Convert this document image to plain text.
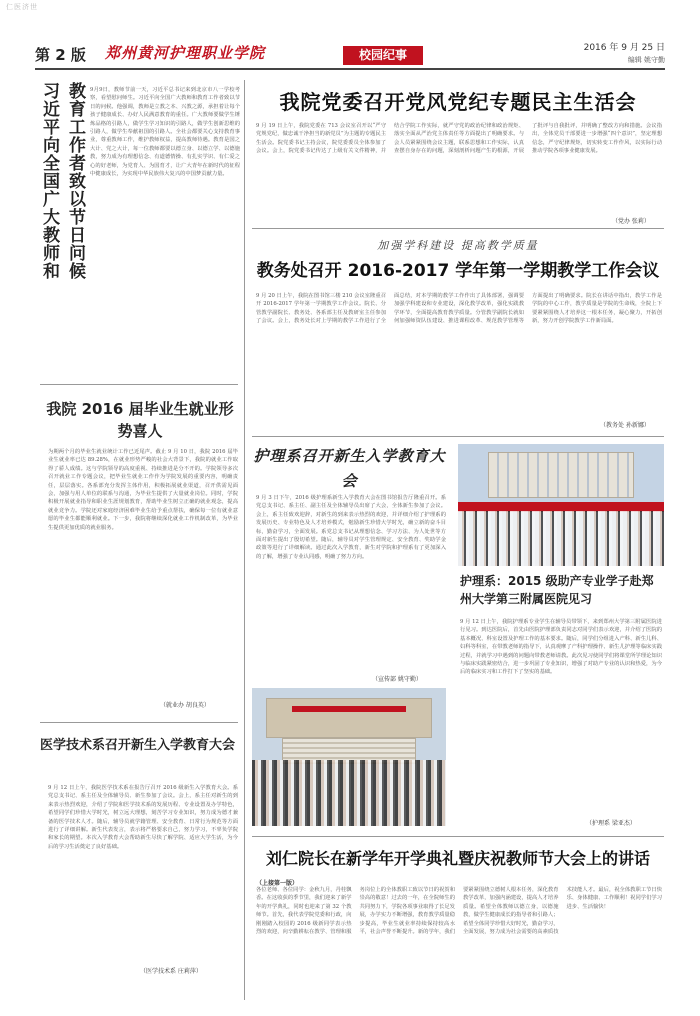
仁医济世
第 2 版 郑州黄河护理职业学院	校园纪事	2016 年 9 月 25 日
编辑 姚守勤
教育工作者致以节日问候
习近平向全国广大教师和	9月9日，教师节前一天，习近平总书记来到北京市八一学校考察，看望慰问师生。习近平向全国广大教师和教育工作者致以节日的问候。他强调，教师是立教之本、兴教之源，承担着让每个孩子健康成长、办好人民满意教育的重任。广大教师要做学生锤炼品格的引路人，做学生学习知识的引路人，做学生创新思维的引路人，做学生奉献祖国的引路人。全社会都要关心支持教育事业，尊重教师工作，维护教师权益，提高教师待遇。教育是国之大计、党之大计，每一位教师都要以德立身、以德立学、以德施教，努力成为有理想信念、有道德情操、有扎实学识、有仁爱之心的好老师，为党育人、为国育才，让广大青年在新时代的征程中健康成长，为实现中华民族伟大复兴的中国梦贡献力量。
我院 2016 届毕业生就业形势喜人
为期两个月的毕业生就业统计工作已近尾声。截止 9 月 10 日，我院 2016 届毕业生就业率已达 89.28%，在就业形势严峻的社会大背景下，我院的就业工作取得了骄人成绩。这与学院领导的高度重视、持续推进是分不开的。学院领导多次召开就业工作专题会议，把毕业生就业工作作为学院发展的重要内容，明确责任，层层落实。各系部充分发挥主体作用，积极拓展就业渠道，召开供需见面会，加强与用人单位的联系与沟通，为毕业生提供了大量就业岗位。同时，学院积极开展就业指导和职业生涯规划教育，帮助毕业生树立正确的就业观念，提高就业竞争力。学院还对家庭经济困难毕业生给予重点帮扶，确保每一位有就业意愿的毕业生都能顺利就业。下一步，我院将继续深化就业工作机制改革，为毕业生提供更加优质的就业服务。
（就业办 胡良英）
医学技术系召开新生入学教育大会
9 月 12 日上午，我院医学技术系在报告厅召开 2016 级新生入学教育大会。系党总支书记、系主任及全体辅导员、新生参加了会议。会上，系主任对新生的到来表示热烈欢迎，介绍了学院和医学技术系的发展历程、专业设置及办学特色，希望同学们珍惜大学时光，树立远大理想，刻苦学习专业知识，努力成为德才兼备的医学技术人才。随后，辅导员就学籍管理、安全教育、日常行为规范等方面进行了详细讲解。新生代表发言，表示将严格要求自己，努力学习，不辜负学院和家长的期望。本次入学教育大会帮助新生尽快了解学院、适应大学生活，为今后的学习生活奠定了良好基础。
（医学技术系 庄莉萍）
我院党委召开党风党纪专题民主生活会
9 月 19 日上午，我院党委在 713 会议室召开以“严守党规党纪，做忠诚干净担当的新党员”为主题的专题民主生活会。院党委书记主持会议，院党委委员全体参加了会议。会上，院党委书记传达了上级有关文件精神，并结合学院工作实际，就严守党的政治纪律和政治规矩、落实全面从严治党主体责任等方面提出了明确要求。与会人员紧紧围绕会议主题，联系思想和工作实际，认真查摆自身存在的问题，深刻剖析问题产生的根源，开展了批评与自我批评，并明确了整改方向和措施。会议指出，全体党员干部要进一步增强“四个意识”，坚定理想信念，严守纪律规矩，切实转变工作作风，以实际行动推动学院各项事业健康发展。
（党办 张莉）
加强学科建设 提高教学质量
教务处召开 2016-2017 学年第一学期教学工作会议
9 月 20 日上午，我院在图书馆三楼 210 会议室隆重召开 2016-2017 学年第一学期教学工作会议。院长、分管教学副院长、教务处、各系部主任及教研室主任参加了会议。会上，教务处长对上学期的教学工作进行了全面总结，对本学期的教学工作作出了具体部署，强调要加强学科建设和专业建设，深化教学改革，强化实践教学环节，全面提高教育教学质量。分管教学副院长就如何加强师资队伍建设、推进课程改革、规范教学管理等方面提出了明确要求。院长在讲话中指出，教学工作是学院的中心工作，教学质量是学院的生命线，全院上下要紧紧围绕人才培养这一根本任务，凝心聚力，开拓创新，努力开创学院教学工作新局面。
（教务处 孙新娜）
护理系召开新生入学教育大会
9 月 3 日下午，2016 级护理系新生入学教育大会在图书馆报告厅隆重召开。系党总支书记、系主任、副主任及全体辅导员出席了大会，全体新生参加了会议。会上，系主任致欢迎辞，对新生的到来表示热烈的欢迎，并详细介绍了护理系的发展历史、专业特色及人才培养模式，勉励新生珍惜大学时光，确立新的奋斗目标，勤奋学习，全面发展。系党总支书记从理想信念、学习方法、为人处世等方面对新生提出了殷切希望。随后，辅导员对学生管理规定、安全教育、奖助学金政策等进行了详细解读。通过此次入学教育，新生对学院和护理系有了更加深入的了解，增强了专业认同感，明确了努力方向。
（宣传部 姚守勤）
护理系：2015 级助产专业学子赴郑州大学第三附属医院见习
9 月 12 日上午，我院护理系专业学生在辅导员带领下，来到郑州大学第三附属医院进行见习。到达医院后，首先由医院护理部负责同志对同学们表示欢迎，并介绍了医院的基本概况、科室设置及护理工作的基本要求。随后，同学们分组进入产科、新生儿科、妇科等科室，在带教老师的指导下，认真观摩了产科护理操作、新生儿护理等临床实践过程，并就学习中遇到的问题向带教老师请教。此次见习使同学们将课堂所学理论知识与临床实践紧密结合，进一步巩固了专业知识，增强了对助产专业的认识和热爱，为今后的临床实习和工作打下了坚实的基础。
（护理系 梁亚杰）
刘仁院长在新学年开学典礼暨庆祝教师节大会上的讲话
（上接第一版）
各位老师、各位同学：金秋九月，丹桂飘香。在这收获的季节里，我们迎来了新学年的开学典礼，同时也迎来了第 32 个教师节。首先，我代表学院党委和行政，向刚刚踏入校园的 2016 级新同学表示热烈的欢迎，向辛勤耕耘在教学、管理和服务岗位上的全体教职工致以节日的祝贺和崇高的敬意！过去的一年，在全院师生的共同努力下，学院各项事业取得了长足发展，办学实力不断增强，教育教学质量稳步提高，毕业生就业率持续保持较高水平，社会声誉不断提升。新的学年，我们要紧紧围绕立德树人根本任务，深化教育教学改革，加强内涵建设，提高人才培养质量。希望全体教师以德立身，以德施教，做学生健康成长的指导者和引路人；希望全体同学珍惜大好时光，勤奋学习，全面发展，努力成为社会需要的高素质技术技能人才。最后，祝全体教职工节日快乐、身体健康、工作顺利！祝同学们学习进步、生活愉快！
